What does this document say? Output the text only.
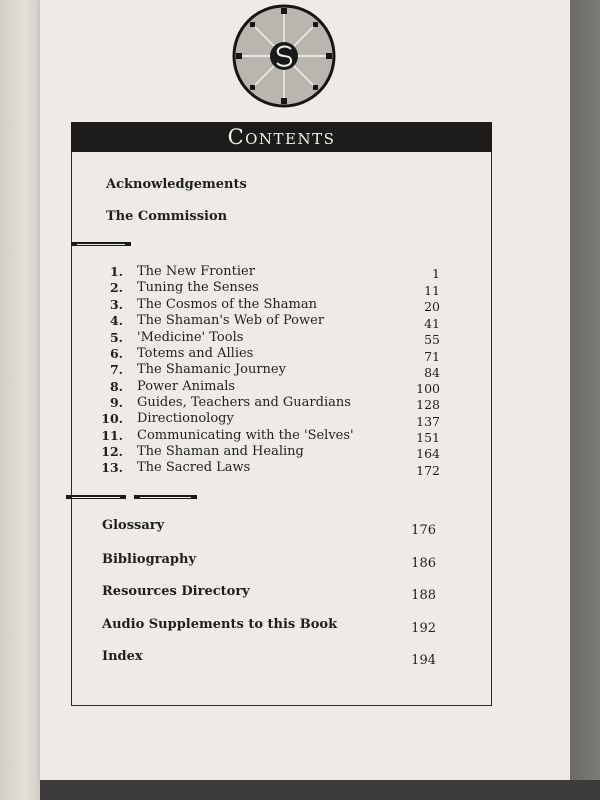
Contents
Acknowledgements
The Commission
1. The New Frontier	1
2. Tuning the Senses	11
3. The Cosmos of the Shaman	20
4. The Shaman's Web of Power	41
5. 'Medicine' Tools	55
6. Totems and Allies	71
7. The Shamanic Journey	84
8. Power Animals	100
9. Guides, Teachers and Guardians	128
10. Directionology	137
11. Communicating with the 'Selves'	151
12. The Shaman and Healing	164
13. The Sacred Laws	172
Glossary	176
Bibliography	186
Resources Directory	188
Audio Supplements to this Book	192
Index	194
